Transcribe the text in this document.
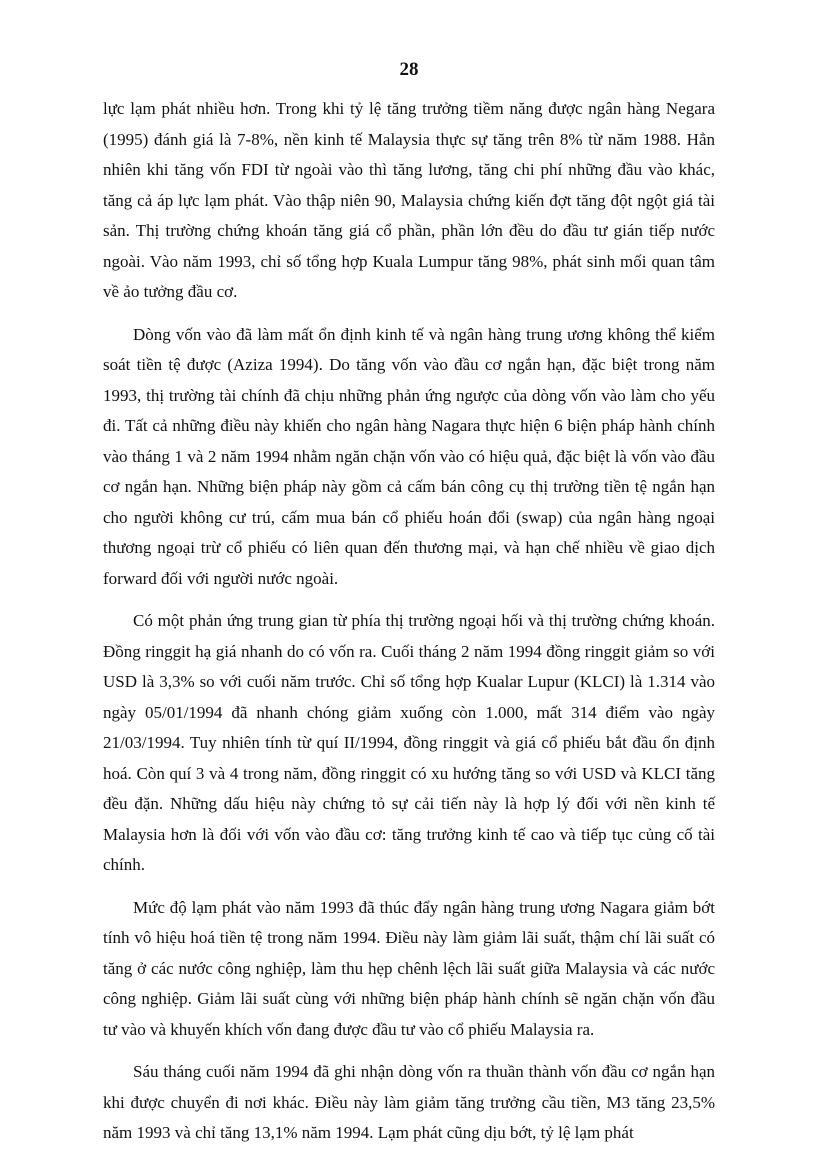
28

lực lạm phát nhiều hơn. Trong khi tỷ lệ tăng trưởng tiềm năng được ngân hàng Negara (1995) đánh giá là 7-8%, nền kinh tế Malaysia thực sự tăng trên 8% từ năm 1988. Hẳn nhiên khi tăng vốn FDI từ ngoài vào thì tăng lương, tăng chi phí những đầu vào khác, tăng cả áp lực lạm phát. Vào thập niên 90, Malaysia chứng kiến đợt tăng đột ngột giá tài sản. Thị trường chứng khoán tăng giá cổ phần, phần lớn đều do đầu tư gián tiếp nước ngoài. Vào năm 1993, chỉ số tổng hợp Kuala Lumpur tăng 98%, phát sinh mối quan tâm về ảo tưởng đầu cơ.

Dòng vốn vào đã làm mất ổn định kinh tế và ngân hàng trung ương không thể kiểm soát tiền tệ được (Aziza 1994). Do tăng vốn vào đầu cơ ngắn hạn, đặc biệt trong năm 1993, thị trường tài chính đã chịu những phản ứng ngược của dòng vốn vào làm cho yếu đi. Tất cả những điều này khiến cho ngân hàng Nagara thực hiện 6 biện pháp hành chính vào tháng 1 và 2 năm 1994 nhằm ngăn chặn vốn vào có hiệu quả, đặc biệt là vốn vào đầu cơ ngắn hạn. Những biện pháp này gồm cả cấm bán công cụ thị trường tiền tệ ngắn hạn cho người không cư trú, cấm mua bán cổ phiếu hoán đổi (swap) của ngân hàng ngoại thương ngoại trừ cổ phiếu có liên quan đến thương mại, và hạn chế nhiều về giao dịch forward đối với người nước ngoài.

Có một phản ứng trung gian từ phía thị trường ngoại hối và thị trường chứng khoán. Đồng ringgit hạ giá nhanh do có vốn ra. Cuối tháng 2 năm 1994 đồng ringgit giảm so với USD là 3,3% so với cuối năm trước. Chỉ số tổng hợp Kualar Lupur (KLCI) là 1.314 vào ngày 05/01/1994 đã nhanh chóng giảm xuống còn 1.000, mất 314 điểm vào ngày 21/03/1994. Tuy nhiên tính từ quí II/1994, đồng ringgit và giá cổ phiếu bắt đầu ổn định hoá. Còn quí 3 và 4 trong năm, đồng ringgit có xu hướng tăng so với USD và KLCI tăng đều đặn. Những dấu hiệu này chứng tỏ sự cải tiến này là hợp lý đối với nền kinh tế Malaysia hơn là đối với vốn vào đầu cơ: tăng trưởng kinh tế cao và tiếp tục củng cố tài chính.

Mức độ lạm phát vào năm 1993 đã thúc đẩy ngân hàng trung ương Nagara giảm bớt tính vô hiệu hoá tiền tệ trong năm 1994. Điều này làm giảm lãi suất, thậm chí lãi suất có tăng ở các nước công nghiệp, làm thu hẹp chênh lệch lãi suất giữa Malaysia và các nước công nghiệp. Giảm lãi suất cùng với những biện pháp hành chính sẽ ngăn chặn vốn đầu tư vào và khuyến khích vốn đang được đầu tư vào cổ phiếu Malaysia ra.

Sáu tháng cuối năm 1994 đã ghi nhận dòng vốn ra thuần thành vốn đầu cơ ngắn hạn khi được chuyển đi nơi khác. Điều này làm giảm tăng trưởng cầu tiền, M3 tăng 23,5% năm 1993 và chỉ tăng 13,1% năm 1994. Lạm phát cũng dịu bớt, tỷ lệ lạm phát
